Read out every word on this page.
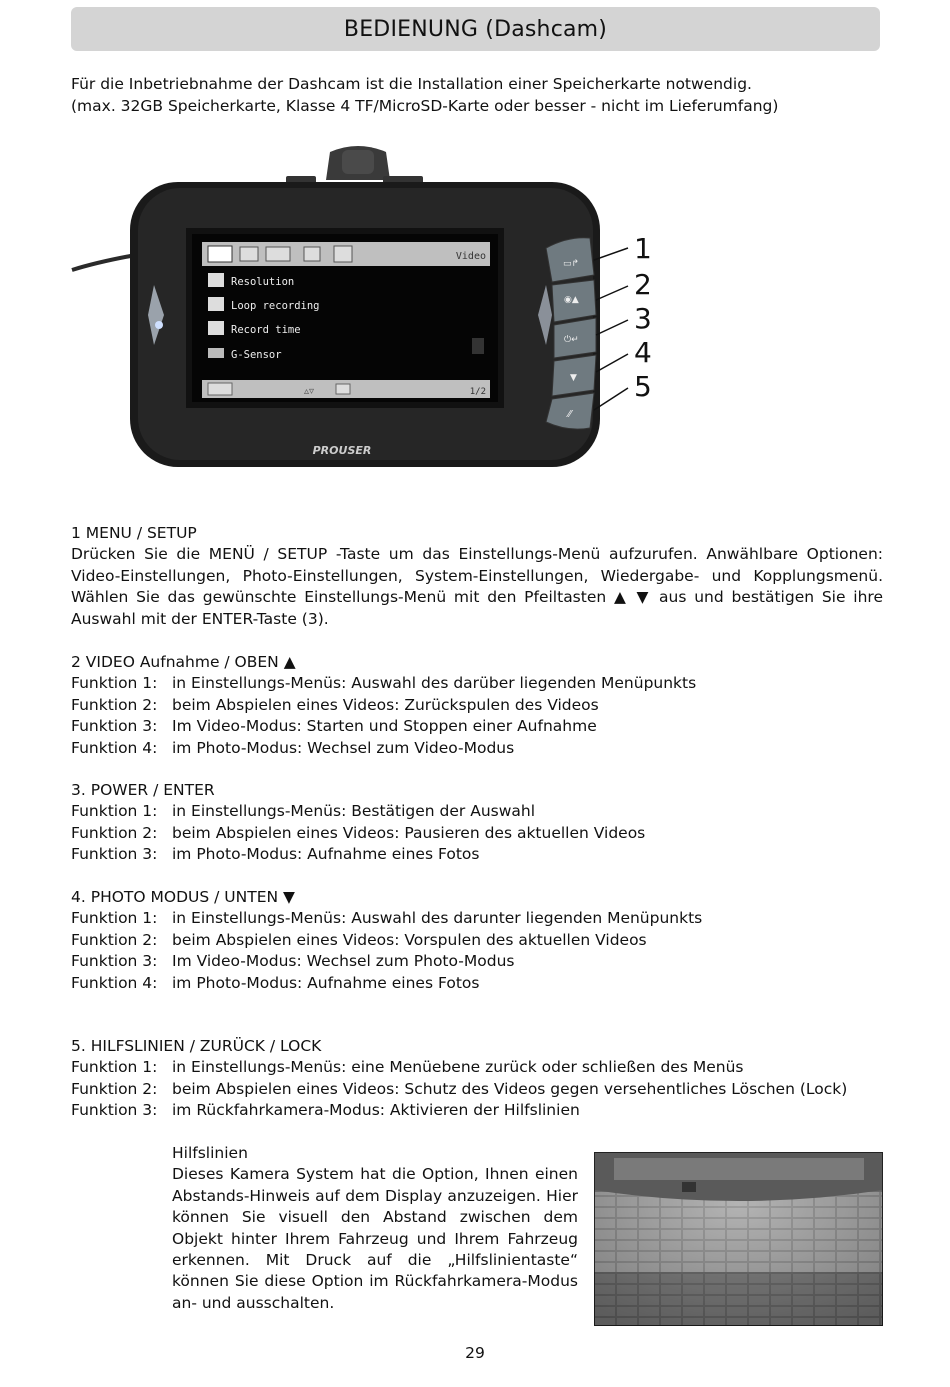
BEDIENUNG (Dashcam)
Für die Inbetriebnahme der Dashcam ist die Installation einer Speicherkarte notwendig.
(max. 32GB Speicherkarte, Klasse 4 TF/MicroSD-Karte oder besser - nicht im Lieferumfang)
Video
Resolution
Loop recording
Record time
G-Sensor
▵▿	1/2
PROUSER
▭↱
◉▲
⏻↵
▼
⁄⁄
1
2
3
4
5
1 MENU / SETUP
Drücken Sie die MENÜ / SETUP -Taste um das Einstellungs-Menü aufzurufen. Anwählbare Optionen: Video-Einstellungen, Photo-Einstellungen, System-Einstellungen, Wiedergabe- und Kopplungsmenü. Wählen Sie das gewünschte Einstellungs-Menü mit den Pfeiltasten ▲ ▼ aus und bestätigen Sie ihre Auswahl mit der ENTER-Taste (3).
2 VIDEO Aufnahme / OBEN ▲
Funktion 1: in Einstellungs-Menüs: Auswahl des darüber liegenden Menüpunkts
Funktion 2: beim Abspielen eines Videos: Zurückspulen des Videos
Funktion 3: Im Video-Modus: Starten und Stoppen einer Aufnahme
Funktion 4: im Photo-Modus: Wechsel zum Video-Modus
3. POWER / ENTER
Funktion 1: in Einstellungs-Menüs: Bestätigen der Auswahl
Funktion 2: beim Abspielen eines Videos: Pausieren des aktuellen Videos
Funktion 3: im Photo-Modus: Aufnahme eines Fotos
4. PHOTO MODUS / UNTEN ▼
Funktion 1: in Einstellungs-Menüs: Auswahl des darunter liegenden Menüpunkts
Funktion 2: beim Abspielen eines Videos: Vorspulen des aktuellen Videos
Funktion 3: Im Video-Modus: Wechsel zum Photo-Modus
Funktion 4: im Photo-Modus: Aufnahme eines Fotos
5. HILFSLINIEN / ZURÜCK / LOCK
Funktion 1: in Einstellungs-Menüs: eine Menüebene zurück oder schließen des Menüs
Funktion 2: beim Abspielen eines Videos: Schutz des Videos gegen versehentliches Löschen (Lock)
Funktion 3: im Rückfahrkamera-Modus: Aktivieren der Hilfslinien
Hilfslinien
Dieses Kamera System hat die Option, Ihnen einen Abstands-Hinweis auf dem Display anzuzeigen. Hier können Sie visuell den Abstand zwischen dem Objekt hinter Ihrem Fahrzeug und Ihrem Fahrzeug erkennen. Mit Druck auf die „Hilfslinientaste“ können Sie diese Option im Rückfahrkamera-Modus an- und ausschalten.
29
